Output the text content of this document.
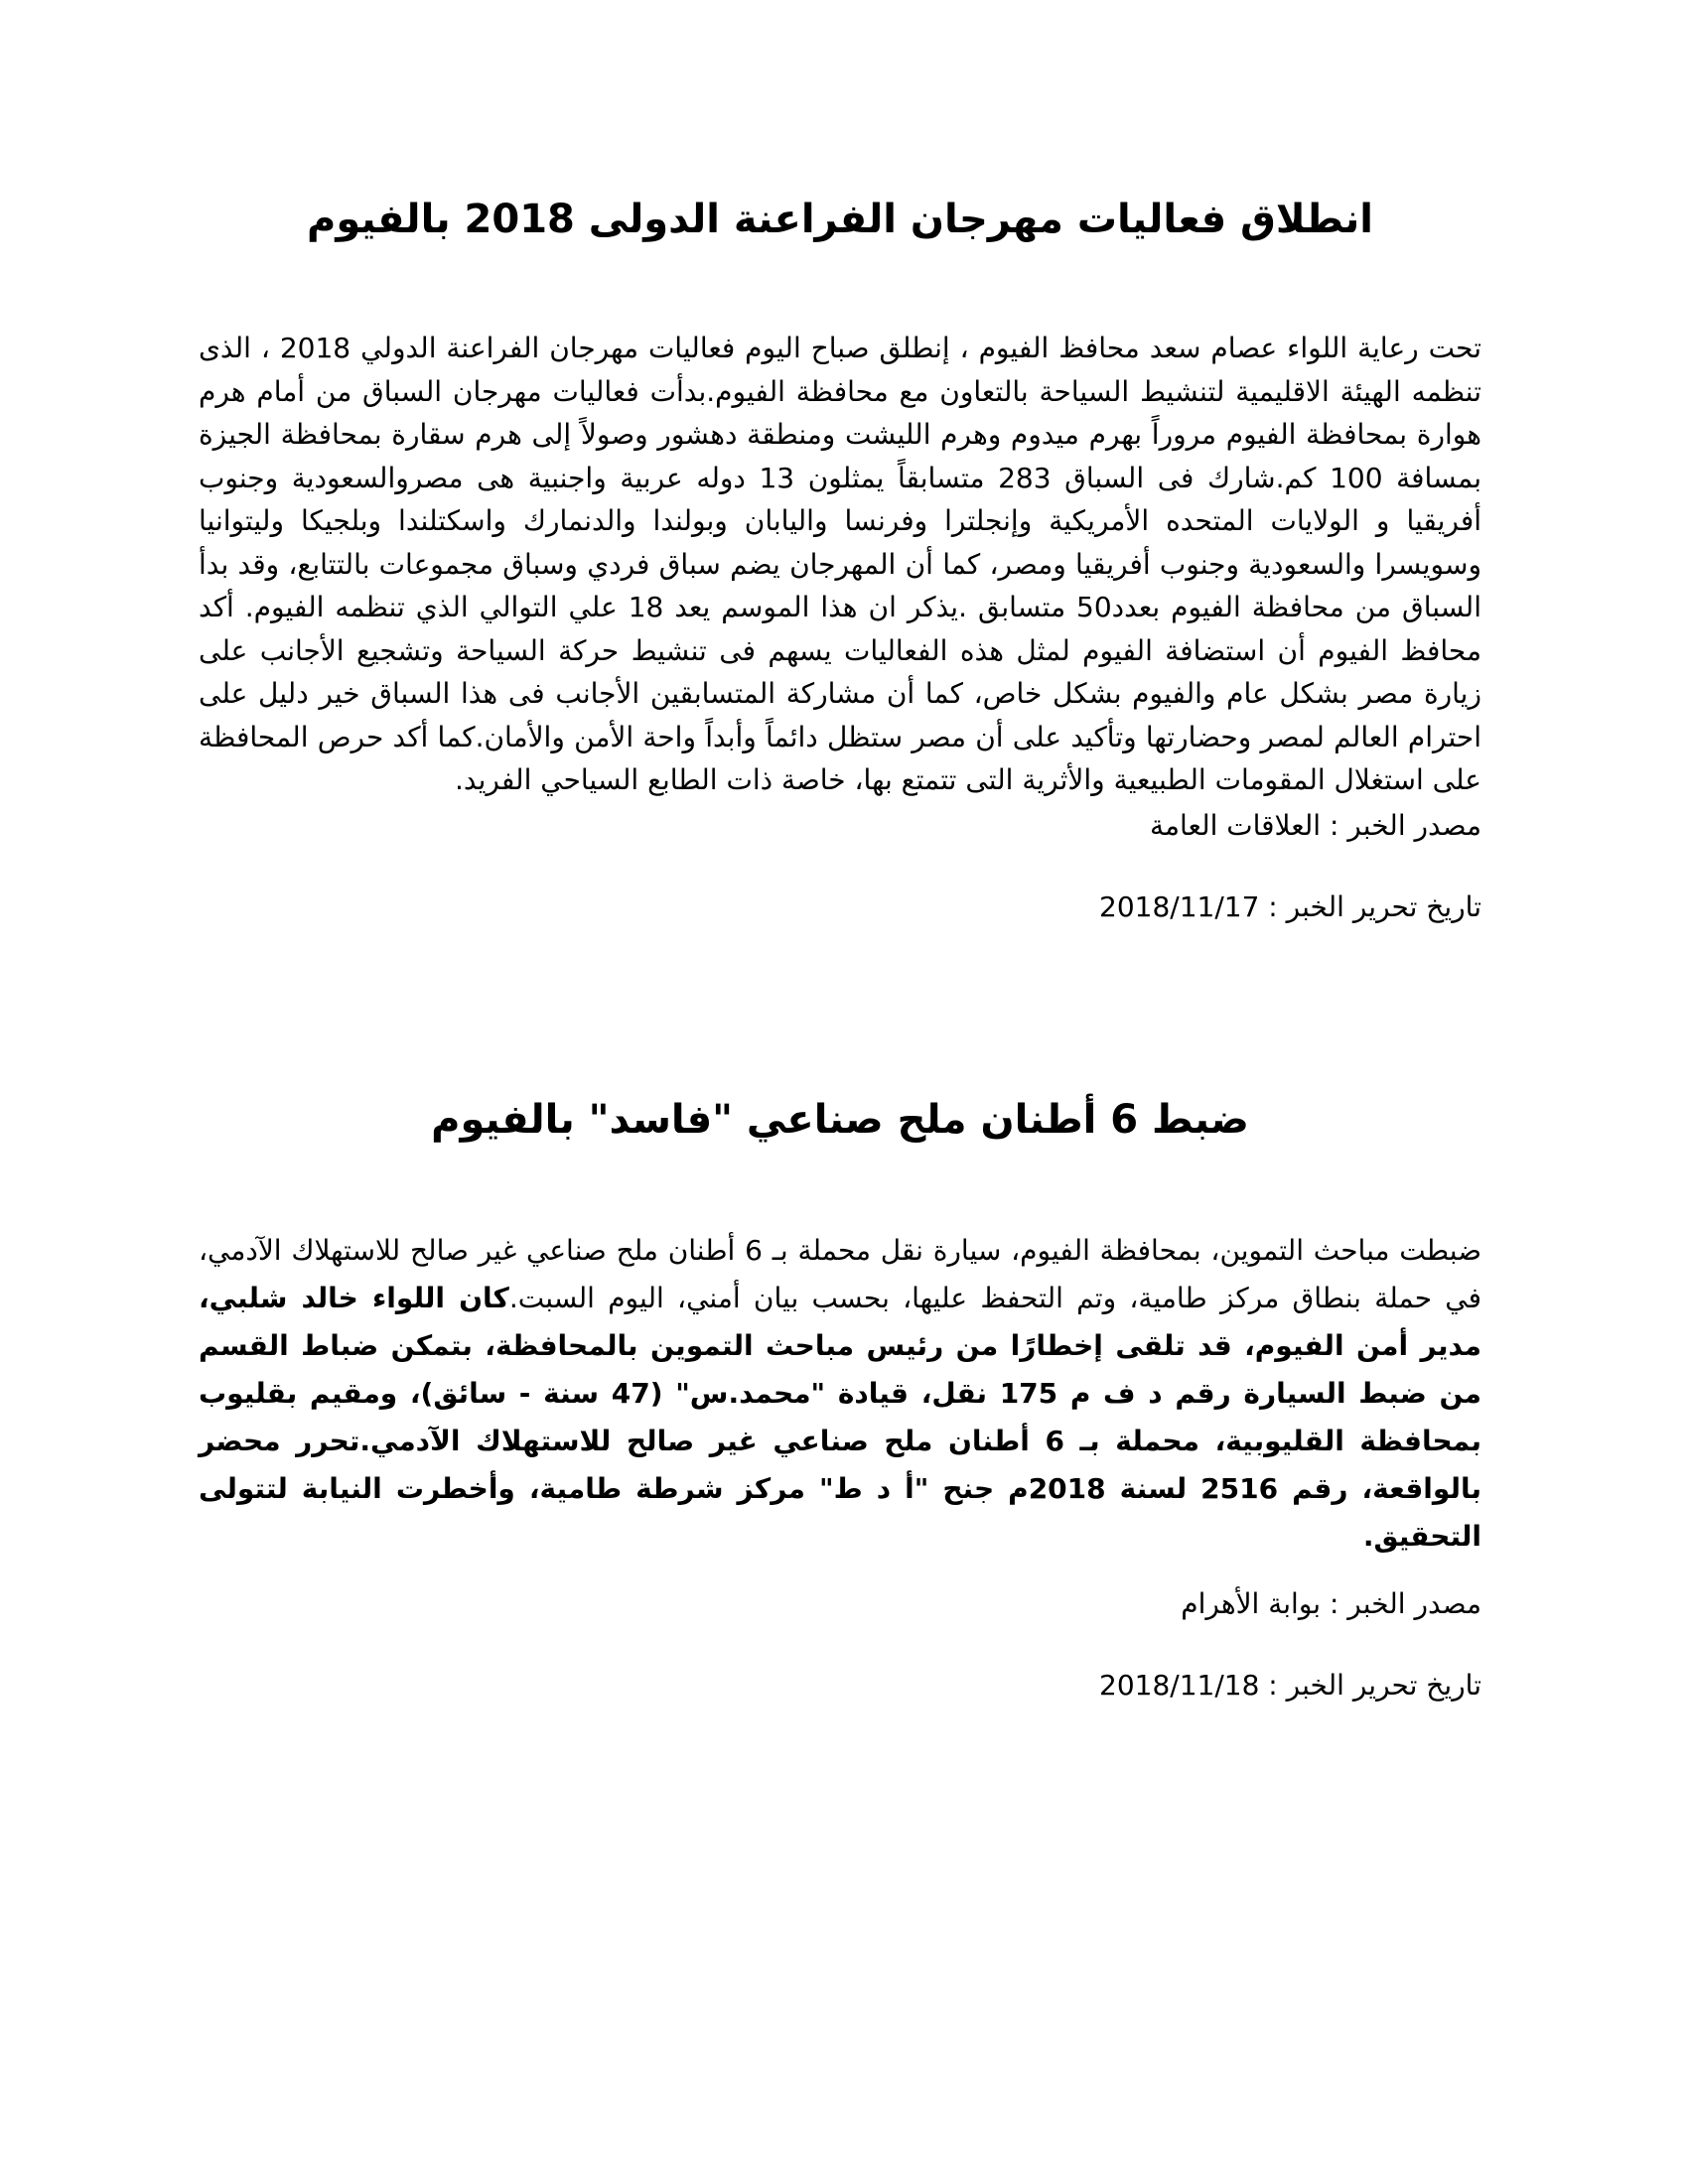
انطلاق فعاليات مهرجان الفراعنة الدولى 2018 بالفيوم

تحت رعاية اللواء عصام سعد محافظ الفيوم ، إنطلق صباح اليوم فعاليات مهرجان الفراعنة الدولي 2018 ، الذى تنظمه الهيئة الاقليمية لتنشيط السياحة بالتعاون مع محافظة الفيوم.بدأت فعاليات مهرجان السباق من أمام هرم هوارة بمحافظة الفيوم مروراً بهرم ميدوم وهرم الليشت ومنطقة دهشور وصولاً إلى هرم سقارة بمحافظة الجيزة بمسافة 100 كم.شارك فى السباق 283 متسابقاً يمثلون 13 دوله عربية واجنبية هى مصروالسعودية وجنوب أفريقيا و الولايات المتحده الأمريكية وإنجلترا وفرنسا واليابان وبولندا والدنمارك واسكتلندا وبلجيكا وليتوانيا وسويسرا والسعودية وجنوب أفريقيا ومصر، كما أن المهرجان يضم سباق فردي وسباق مجموعات بالتتابع، وقد بدأ السباق من محافظة الفيوم بعدد50 متسابق .يذكر ان هذا الموسم يعد 18 علي التوالي الذي تنظمه الفيوم. أكد محافظ الفيوم أن استضافة الفيوم لمثل هذه الفعاليات يسهم فى تنشيط حركة السياحة وتشجيع الأجانب على زيارة مصر بشكل عام والفيوم بشكل خاص، كما أن مشاركة المتسابقين الأجانب فى هذا السباق خير دليل على احترام العالم لمصر وحضارتها وتأكيد على أن مصر ستظل دائماً وأبداً واحة الأمن والأمان.كما أكد حرص المحافظة على استغلال المقومات الطبيعية والأثرية التى تتمتع بها، خاصة ذات الطابع السياحي الفريد.

مصدر الخبر : العلاقات العامة

تاريخ تحرير الخبر : 2018/11/17

ضبط 6 أطنان ملح صناعي "فاسد" بالفيوم

ضبطت مباحث التموين، بمحافظة الفيوم، سيارة نقل محملة بـ 6 أطنان ملح صناعي غير صالح للاستهلاك الآدمي، في حملة بنطاق مركز طامية، وتم التحفظ عليها، بحسب بيان أمني، اليوم السبت.كان اللواء خالد شلبي، مدير أمن الفيوم، قد تلقى إخطارًا من رئيس مباحث التموين بالمحافظة، بتمكن ضباط القسم من ضبط السيارة رقم د ف م 175 نقل، قيادة "محمد.س" (47 سنة - سائق)، ومقيم بقليوب بمحافظة القليوبية، محملة بـ 6 أطنان ملح صناعي غير صالح للاستهلاك الآدمي.تحرر محضر بالواقعة، رقم 2516 لسنة 2018م جنح "أ د ط" مركز شرطة طامية، وأخطرت النيابة لتتولى التحقيق.

مصدر الخبر : بوابة الأهرام

تاريخ تحرير الخبر : 2018/11/18
